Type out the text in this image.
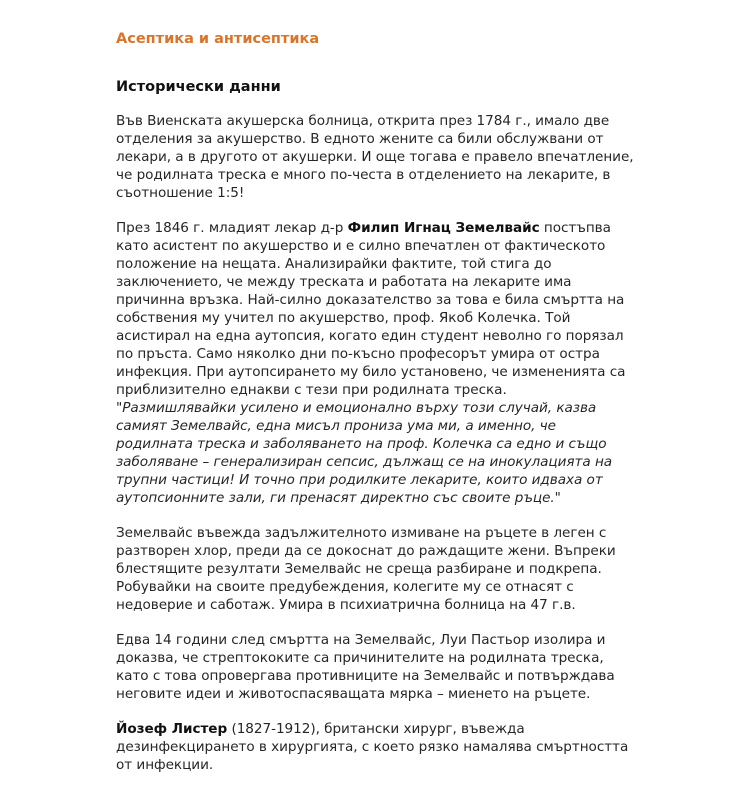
Асептика и антисептика
Исторически данни

Във Виенската акушерска болница, открита през 1784 г., имало две отделения за акушерство. В едното жените са били обслужвани от лекари, а в другото от акушерки. И още тогава е правело впечатление, че родилната треска е много по-честа в отделението на лекарите, в съотношение 1:5!

През 1846 г. младият лекар д-р Филип Игнац Земелвайс постъпва като асистент по акушерство и е силно впечатлен от фактическото положение на нещата. Анализирайки фактите, той стига до заключението, че между треската и работата на лекарите има причинна връзка. Най-силно доказателство за това е била смъртта на собствения му учител по акушерство, проф. Якоб Колечка. Той асистирал на една аутопсия, когато един студент неволно го порязал по пръста. Само няколко дни по-късно професорът умира от остра инфекция. При аутопсирането му било установено, че измененията са приблизително еднакви с тези при родилната треска.

"Размишлявайки усилено и емоционално върху този случай, казва самият Земелвайс, една мисъл прониза ума ми, а именно, че родилната треска и заболяването на проф. Колечка са едно и също заболяване – генерализиран сепсис, дължащ се на инокулацията на трупни частици! И точно при родилките лекарите, които идваха от аутопсионните зали, ги пренасят директно със своите ръце."

Земелвайс въвежда задължителното измиване на ръцете в леген с разтворен хлор, преди да се докоснат до раждащите жени. Въпреки блестящите резултати Земелвайс не среща разбиране и подкрепа. Робувайки на своите предубеждения, колегите му се отнасят с недоверие и саботаж. Умира в психиатрична болница на 47 г.в.

Едва 14 години след смъртта на Земелвайс, Луи Пастьор изолира и доказва, че стрептококите са причинителите на родилната треска, като с това опровергава противниците на Земелвайс и потвърждава неговите идеи и животоспасяващата мярка – миенето на ръцете.

Йозеф Листер (1827-1912), британски хирург, въвежда дезинфекцирането в хирургията, с което рязко намалява смъртността от инфекции.
